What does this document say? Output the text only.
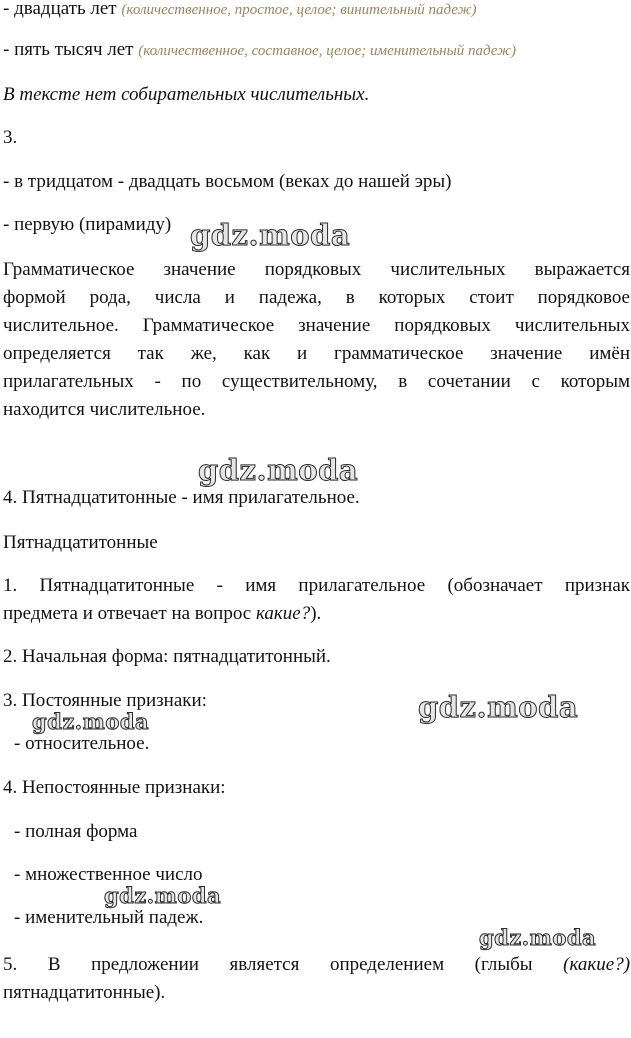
- двадцать лет (количественное, простое, целое; винительный падеж)
- пять тысяч лет (количественное, составное, целое; именительный падеж)
В тексте нет собирательных числительных.
3.
- в тридцатом - двадцать восьмом (веках до нашей эры)
- первую (пирамиду)
Грамматическое значение порядковых числительных выражается
формой рода, числа и падежа, в которых стоит порядковое
числительное. Грамматическое значение порядковых числительных
определяется так же, как и грамматическое значение имён
прилагательных - по существительному, в сочетании с которым
находится числительное.
4. Пятнадцатитонные - имя прилагательное.
Пятнадцатитонные
1. Пятнадцатитонные - имя прилагательное (обозначает признак
предмета и отвечает на вопрос какие?).
2. Начальная форма: пятнадцатитонный.
3. Постоянные признаки:
- относительное.
4. Непостоянные признаки:
- полная форма
- множественное число
- именительный падеж.
5. В предложении является определением (глыбы (какие?)
пятнадцатитонные).
gdz.moda
gdz.moda
gdz.moda
gdz.moda
gdz.moda
gdz.moda
